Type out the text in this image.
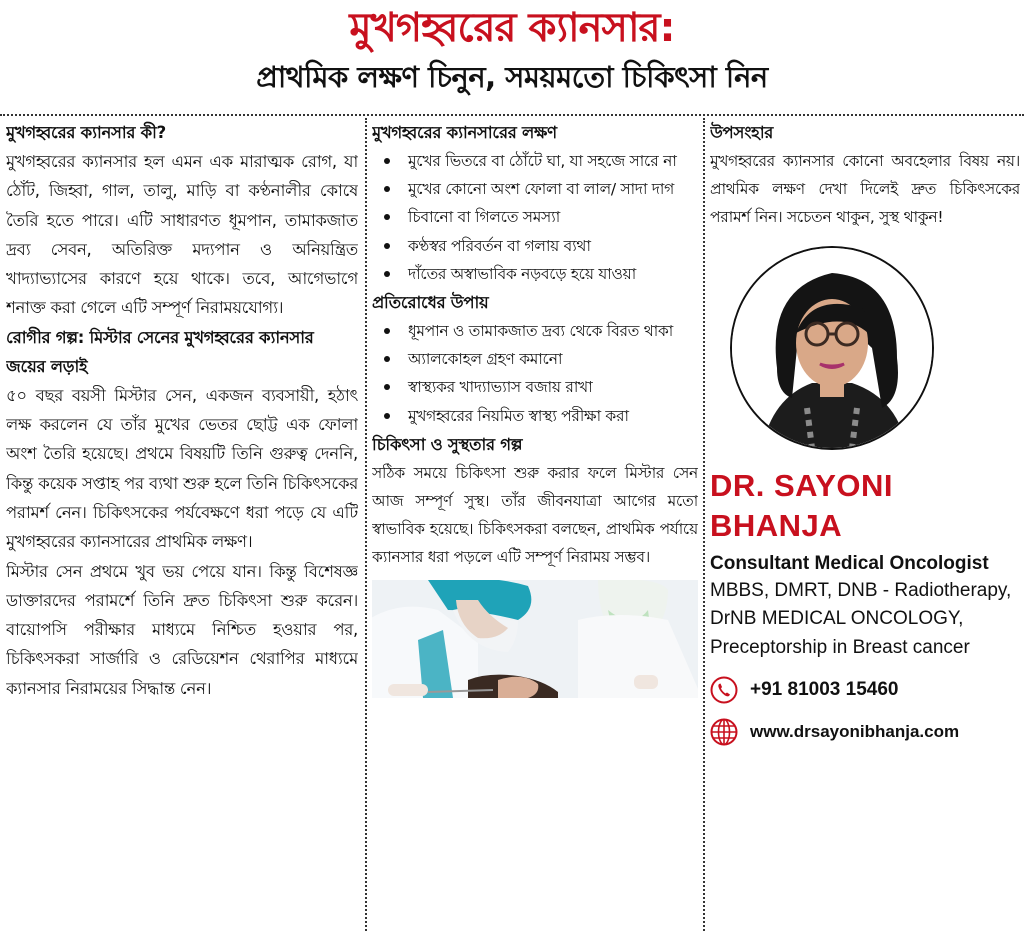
মুখগহ্বরের ক্যানসার:
প্রাথমিক লক্ষণ চিনুন, সময়মতো চিকিৎসা নিন
মুখগহ্বরের ক্যানসার কী?

মুখগহ্বরের ক্যানসার হল এমন এক মারাত্মক রোগ, যা ঠোঁট, জিহ্বা, গাল, তালু, মাড়ি বা কণ্ঠনালীর কোষে তৈরি হতে পারে। এটি সাধারণত ধূমপান, তামাকজাত দ্রব্য সেবন, অতিরিক্ত মদ্যপান ও অনিয়ন্ত্রিত খাদ্যাভ্যাসের কারণে হয়ে থাকে। তবে, আগেভাগে শনাক্ত করা গেলে এটি সম্পূর্ণ নিরাময়যোগ্য।

রোগীর গল্প: মিস্টার সেনের মুখগহ্বরের ক্যানসার জয়ের লড়াই

৫০ বছর বয়সী মিস্টার সেন, একজন ব্যবসায়ী, হঠাৎ লক্ষ করলেন যে তাঁর মুখের ভেতর ছোট্ট এক ফোলা অংশ তৈরি হয়েছে। প্রথমে বিষয়টি তিনি গুরুত্ব দেননি, কিন্তু কয়েক সপ্তাহ পর ব্যথা শুরু হলে তিনি চিকিৎসকের পরামর্শ নেন। চিকিৎসকের পর্যবেক্ষণে ধরা পড়ে যে এটি মুখগহ্বরের ক্যানসারের প্রাথমিক লক্ষণ।

মিস্টার সেন প্রথমে খুব ভয় পেয়ে যান। কিন্তু বিশেষজ্ঞ ডাক্তারদের পরামর্শে তিনি দ্রুত চিকিৎসা শুরু করেন। বায়োপসি পরীক্ষার মাধ্যমে নিশ্চিত হওয়ার পর, চিকিৎসকরা সার্জারি ও রেডিয়েশন থেরাপির মাধ্যমে ক্যানসার নিরাময়ের সিদ্ধান্ত নেন।

মুখগহ্বরের ক্যানসারের লক্ষণ
মুখের ভিতরে বা ঠোঁটে ঘা, যা সহজে সারে না
মুখের কোনো অংশ ফোলা বা লাল/ সাদা দাগ
চিবানো বা গিলতে সমস্যা
কণ্ঠস্বর পরিবর্তন বা গলায় ব্যথা
দাঁতের অস্বাভাবিক নড়বড়ে হয়ে যাওয়া
প্রতিরোধের উপায়
ধূমপান ও তামাকজাত দ্রব্য থেকে বিরত থাকা
অ্যালকোহল গ্রহণ কমানো
স্বাস্থ্যকর খাদ্যাভ্যাস বজায় রাখা
মুখগহ্বরের নিয়মিত স্বাস্থ্য পরীক্ষা করা
চিকিৎসা ও সুস্থতার গল্প

সঠিক সময়ে চিকিৎসা শুরু করার ফলে মিস্টার সেন আজ সম্পূর্ণ সুস্থ। তাঁর জীবনযাত্রা আগের মতো স্বাভাবিক হয়েছে। চিকিৎসকরা বলছেন, প্রাথমিক পর্যায়ে ক্যানসার ধরা পড়লে এটি সম্পূর্ণ নিরাময় সম্ভব।

উপসংহার

মুখগহ্বরের ক্যানসার কোনো অবহেলার বিষয় নয়। প্রাথমিক লক্ষণ দেখা দিলেই দ্রুত চিকিৎসকের পরামর্শ নিন। সচেতন থাকুন, সুস্থ থাকুন!

DR. SAYONI
BHANJA
Consultant Medical Oncologist
MBBS, DMRT, DNB - Radiotherapy, DrNB MEDICAL ONCOLOGY, Preceptorship in Breast cancer
+91 81003 15460
www.drsayonibhanja.com
